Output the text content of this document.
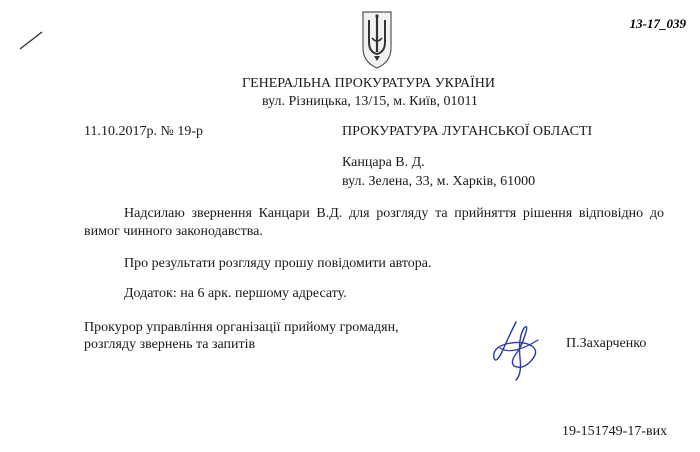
13-17_039
ГЕНЕРАЛЬНА ПРОКУРАТУРА УКРАЇНИ
вул. Різницька, 13/15, м. Київ, 01011
11.10.2017р. № 19-р	ПРОКУРАТУРА ЛУГАНСЬКОЇ ОБЛАСТІ
Канцара В. Д.
вул. Зелена, 33, м. Харків, 61000
Надсилаю звернення Канцари В.Д. для розгляду та прийняття рішення відповідно до вимог чинного законодавства.
Про результати розгляду прошу повідомити автора.
Додаток: на 6 арк. першому адресату.
Прокурор управління організації прийому громадян,
розгляду звернень та запитів	П.Захарченко
19-151749-17-вих
